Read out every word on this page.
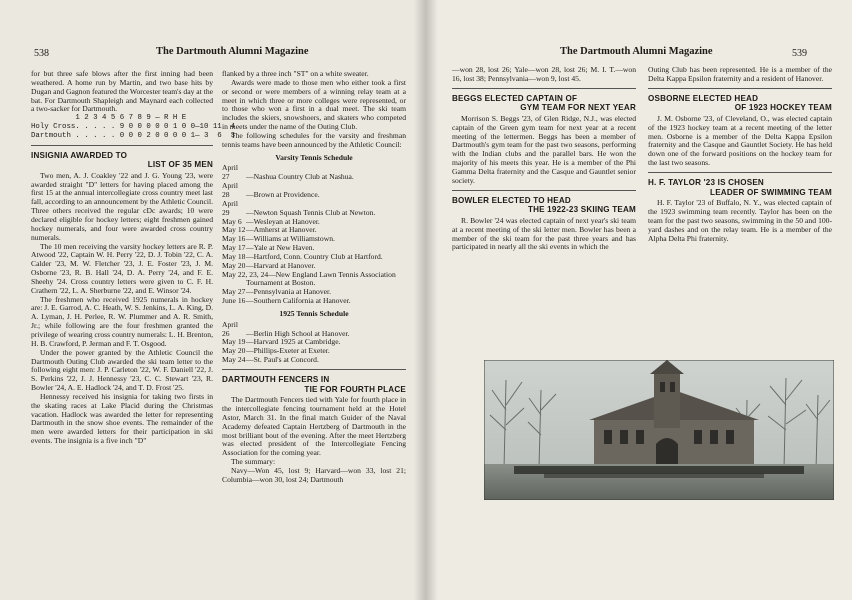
538	The Dartmouth Alumni Magazine

for but three safe blows after the first inning had been weathered. A home run by Martin, and two base hits by Dugan and Gagnon featured the Worcester team's day at the bat. For Dartmouth Shapleigh and Maynard each collected a two-sacker for Dartmouth.

	1 2 3 4 5 6 7 8 9 — R H E
Holy Cross	. . . . . 9 0 0 0 0 0 1 0 0—10 11  4
Dartmouth	. . . . . 0 0 0 2 0 0 0 0 1— 3  6  3
INSIGNIA AWARDED TO
LIST OF 35 MEN

Two men, A. J. Coakley '22 and J. G. Young '23, were awarded straight "D" letters for having placed among the first 15 at the annual intercollegiate cross country meet last fall, according to an announcement by the Athletic Council. Three others received the regular cDc awards; 10 were declared eligible for hockey letters; eight freshmen gained hockey numerals, and four were awarded cross country numerals.

The 10 men receiving the varsity hockey letters are R. P. Atwood '22, Captain W. H. Perry '22, D. J. Tobin '22, C. A. Calder '23, M. W. Fletcher '23, J. E. Foster '23, J. M. Osborne '23, R. B. Hall '24, D. A. Perry '24, and F. E. Sheehy '24. Cross country letters were given to C. F. H. Crathern '22, L. A. Sherburne '22, and E. Winsor '24.

The freshmen who received 1925 numerals in hockey are: J. E. Garrod, A. C. Heath, W. S. Jenkins, L. A. King, D. A. Lyman, J. H. Perlee, R. W. Plummer and A. R. Smith, Jr.; while following are the four freshmen granted the privilege of wearing cross country numerals: L. H. Brenton, H. B. Crawford, P. Jerman and F. T. Osgood.

Under the power granted by the Athletic Council the Dartmouth Outing Club awarded the ski team letter to the following eight men: J. P. Carleton '22, W. F. Daniell '22, J. S. Perkins '22, J. J. Hennessy '23, C. C. Stewart '23, R. Bowler '24, A. E. Hadlock '24, and T. D. Frost '25.

Hennessy received his insignia for taking two firsts in the skating races at Lake Placid during the Christmas vacation. Hadlock was awarded the letter for representing Dartmouth in the snow shoe events. The remainder of the men were awarded letters for their participation in ski events. The insignia is a five inch "D"

flanked by a three inch "ST" on a white sweater.

Awards were made to those men who either took a first or second or were members of a winning relay team at a meet in which three or more colleges were represented, or to those who won a first in a dual meet. The ski team includes the skiers, snowshoers, and skaters who competed in meets under the name of the Outing Club.

The following schedules for the varsity and freshman tennis teams have been announced by the Athletic Council:

Varsity Tennis Schedule
April 27 —Nashua Country Club at Nashua.
April 28 —Brown at Providence.
April 29 —Newton Squash Tennis Club at Newton.
May 6 —Wesleyan at Hanover.
May 12—Amherst at Hanover.
May 16—Williams at Williamstown.
May 17—Yale at New Haven.
May 18—Hartford, Conn. Country Club at Hartford.
May 20—Harvard at Hanover.
May 22, 23, 24—New England Lawn Tennis Association Tournament at Boston.
May 27—Pennsylvania at Hanover.
June 16—Southern California at Hanover.
1925 Tennis Schedule
April 26 —Berlin High School at Hanover.
May 19—Harvard 1925 at Cambridge.
May 20—Phillips-Exeter at Exeter.
May 24—St. Paul's at Concord.
DARTMOUTH FENCERS IN
TIE FOR FOURTH PLACE

The Dartmouth Fencers tied with Yale for fourth place in the intercollegiate fencing tournament held at the Hotel Astor, March 31. In the final match Guider of the Naval Academy defeated Captain Hertzberg of Dartmouth in the most brilliant bout of the evening. After the meet Hertzberg was elected president of the Intercollegiate Fencing Association for the coming year.

The summary:

Navy—Won 45, lost 9; Harvard—won 33, lost 21; Columbia—won 30, lost 24; Dartmouth

The Dartmouth Alumni Magazine	539

—won 28, lost 26; Yale—won 28, lost 26; M. I. T.—won 16, lost 38; Pennsylvania—won 9, lost 45.

BEGGS ELECTED CAPTAIN OF
GYM TEAM FOR NEXT YEAR

Morrison S. Beggs '23, of Glen Ridge, N.J., was elected captain of the Green gym team for next year at a recent meeting of the lettermen. Beggs has been a member of Dartmouth's gym team for the past two seasons, performing with the Indian clubs and the parallel bars. He won the majority of his meets this year. He is a member of the Phi Gamma Delta fraternity and the Casque and Gauntlet senior society.

BOWLER ELECTED TO HEAD
THE 1922-23 SKIING TEAM

R. Bowler '24 was elected captain of next year's ski team at a recent meeting of the ski letter men. Bowler has been a member of the ski team for the past three years and has participated in nearly all the ski events in which the

Outing Club has been represented. He is a member of the Delta Kappa Epsilon fraternity and a resident of Hanover.

OSBORNE ELECTED HEAD
OF 1923 HOCKEY TEAM

J. M. Osborne '23, of Cleveland, O., was elected captain of the 1923 hockey team at a recent meeting of the letter men. Osborne is a member of the Delta Kappa Epsilon fraternity and the Casque and Gauntlet Society. He has held down one of the forward positions on the hockey team for the last two seasons.

H. F. TAYLOR '23 IS CHOSEN
LEADER OF SWIMMING TEAM

H. F. Taylor '23 of Buffalo, N. Y., was elected captain of the 1923 swimming team recently. Taylor has been on the team for the past two seasons, swimming in the 50 and 100-yard dashes and on the relay team. He is a member of the Alpha Delta Phi fraternity.
